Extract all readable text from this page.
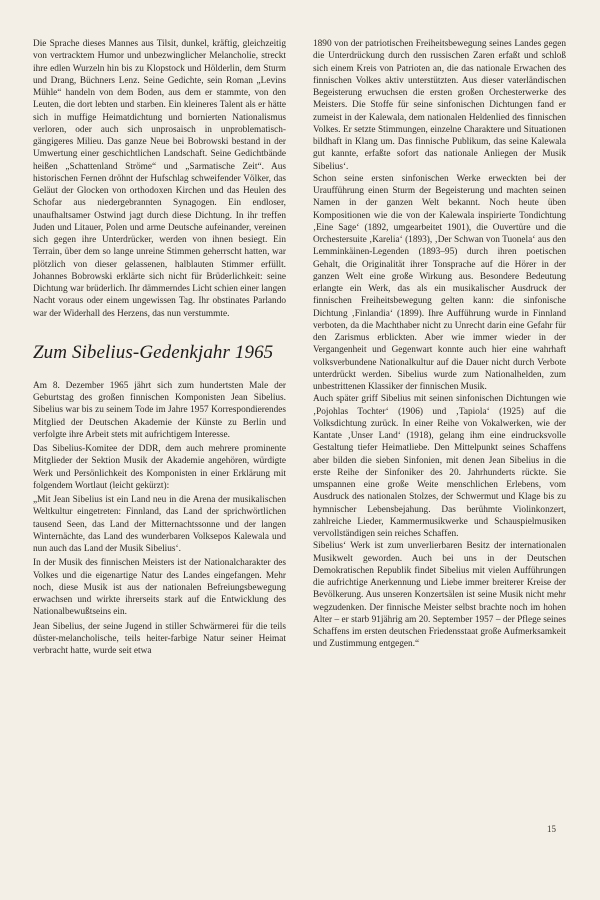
Die Sprache dieses Mannes aus Tilsit, dunkel, kräftig, gleichzeitig von vertracktem Humor und unbezwinglicher Melancholie, streckt ihre edlen Wurzeln hin bis zu Klopstock und Hölderlin, dem Sturm und Drang, Büchners Lenz. Seine Gedichte, sein Roman „Levins Mühle“ handeln von dem Boden, aus dem er stammte, von den Leuten, die dort lebten und starben. Ein kleineres Talent als er hätte sich in muffige Heimatdichtung und bornierten Nationalismus verloren, oder auch sich unprosaisch in unproblematisch-gängigeres Milieu. Das ganze Neue bei Bobrowski bestand in der Umwertung einer geschichtlichen Landschaft. Seine Gedichtbände heißen „Schattenland Ströme“ und „Sarmatische Zeit“. Aus historischen Fernen dröhnt der Hufschlag schweifender Völker, das Geläut der Glocken von orthodoxen Kirchen und das Heulen des Schofar aus niedergebrannten Synagogen. Ein endloser, unaufhaltsamer Ostwind jagt durch diese Dichtung. In ihr treffen Juden und Litauer, Polen und arme Deutsche aufeinander, vereinen sich gegen ihre Unterdrücker, werden von ihnen besiegt. Ein Terrain, über dem so lange unreine Stimmen geherrscht hatten, war plötzlich von dieser gelassenen, halblauten Stimmer erfüllt. Johannes Bobrowski erklärte sich nicht für Brüderlichkeit: seine Dichtung war brüderlich. Ihr dämmerndes Licht schien einer langen Nacht voraus oder einem ungewissen Tag. Ihr obstinates Parlando war der Widerhall des Herzens, das nun verstummte.

Zum Sibelius-Gedenkjahr 1965

Am 8. Dezember 1965 jährt sich zum hundertsten Male der Geburtstag des großen finnischen Komponisten Jean Sibelius. Sibelius war bis zu seinem Tode im Jahre 1957 Korrespondierendes Mitglied der Deutschen Akademie der Künste zu Berlin und verfolgte ihre Arbeit stets mit aufrichtigem Interesse.

Das Sibelius-Komitee der DDR, dem auch mehrere prominente Mitglieder der Sektion Musik der Akademie angehören, würdigte Werk und Persönlichkeit des Komponisten in einer Erklärung mit folgendem Wortlaut (leicht gekürzt):

„Mit Jean Sibelius ist ein Land neu in die Arena der musikalischen Weltkultur eingetreten: Finnland, das Land der sprichwörtlichen tausend Seen, das Land der Mitternachtssonne und der langen Winternächte, das Land des wunderbaren Volksepos Kalewala und nun auch das Land der Musik Sibelius‘.

In der Musik des finnischen Meisters ist der Nationalcharakter des Volkes und die eigenartige Natur des Landes eingefangen. Mehr noch, diese Musik ist aus der nationalen Befreiungsbewegung erwachsen und wirkte ihrerseits stark auf die Entwicklung des Nationalbewußtseins ein.

Jean Sibelius, der seine Jugend in stiller Schwärmerei für die teils düster-melancholische, teils heiter-farbige Natur seiner Heimat verbracht hatte, wurde seit etwa

1890 von der patriotischen Freiheitsbewegung seines Landes gegen die Unterdrückung durch den russischen Zaren erfaßt und schloß sich einem Kreis von Patrioten an, die das nationale Erwachen des finnischen Volkes aktiv unterstützten. Aus dieser vaterländischen Begeisterung erwuchsen die ersten großen Orchesterwerke des Meisters. Die Stoffe für seine sinfonischen Dichtungen fand er zumeist in der Kalewala, dem nationalen Heldenlied des finnischen Volkes. Er setzte Stimmungen, einzelne Charaktere und Situationen bildhaft in Klang um. Das finnische Publikum, das seine Kalewala gut kannte, erfaßte sofort das nationale Anliegen der Musik Sibelius‘.

Schon seine ersten sinfonischen Werke erweckten bei der Uraufführung einen Sturm der Begeisterung und machten seinen Namen in der ganzen Welt bekannt. Noch heute üben Kompositionen wie die von der Kalewala inspirierte Tondichtung ‚Eine Sage‘ (1892, umgearbeitet 1901), die Ouvertüre und die Orchestersuite ‚Karelia‘ (1893), ‚Der Schwan von Tuonela‘ aus den Lemminkäinen-Legenden (1893–95) durch ihren poetischen Gehalt, die Originalität ihrer Tonsprache auf die Hörer in der ganzen Welt eine große Wirkung aus. Besondere Bedeutung erlangte ein Werk, das als ein musikalischer Ausdruck der finnischen Freiheitsbewegung gelten kann: die sinfonische Dichtung ‚Finlandia‘ (1899). Ihre Aufführung wurde in Finnland verboten, da die Machthaber nicht zu Unrecht darin eine Gefahr für den Zarismus erblickten. Aber wie immer wieder in der Vergangenheit und Gegenwart konnte auch hier eine wahrhaft volksverbundene Nationalkultur auf die Dauer nicht durch Verbote unterdrückt werden. Sibelius wurde zum Nationalhelden, zum unbestrittenen Klassiker der finnischen Musik.

Auch später griff Sibelius mit seinen sinfonischen Dichtungen wie ‚Pojohlas Tochter‘ (1906) und ‚Tapiola‘ (1925) auf die Volksdichtung zurück. In einer Reihe von Vokalwerken, wie der Kantate ‚Unser Land‘ (1918), gelang ihm eine eindrucksvolle Gestaltung tiefer Heimatliebe. Den Mittelpunkt seines Schaffens aber bilden die sieben Sinfonien, mit denen Jean Sibelius in die erste Reihe der Sinfoniker des 20. Jahrhunderts rückte. Sie umspannen eine große Weite menschlichen Erlebens, vom Ausdruck des nationalen Stolzes, der Schwermut und Klage bis zu hymnischer Lebensbejahung. Das berühmte Violinkonzert, zahlreiche Lieder, Kammermusikwerke und Schauspielmusiken vervollständigen sein reiches Schaffen.

Sibelius‘ Werk ist zum unverlierbaren Besitz der internationalen Musikwelt geworden. Auch bei uns in der Deutschen Demokratischen Republik findet Sibelius mit vielen Aufführungen die aufrichtige Anerkennung und Liebe immer breiterer Kreise der Bevölkerung. Aus unseren Konzertsälen ist seine Musik nicht mehr wegzudenken. Der finnische Meister selbst brachte noch im hohen Alter – er starb 91jährig am 20. September 1957 – der Pflege seines Schaffens im ersten deutschen Friedensstaat große Aufmerksamkeit und Zustimmung entgegen.“

15
